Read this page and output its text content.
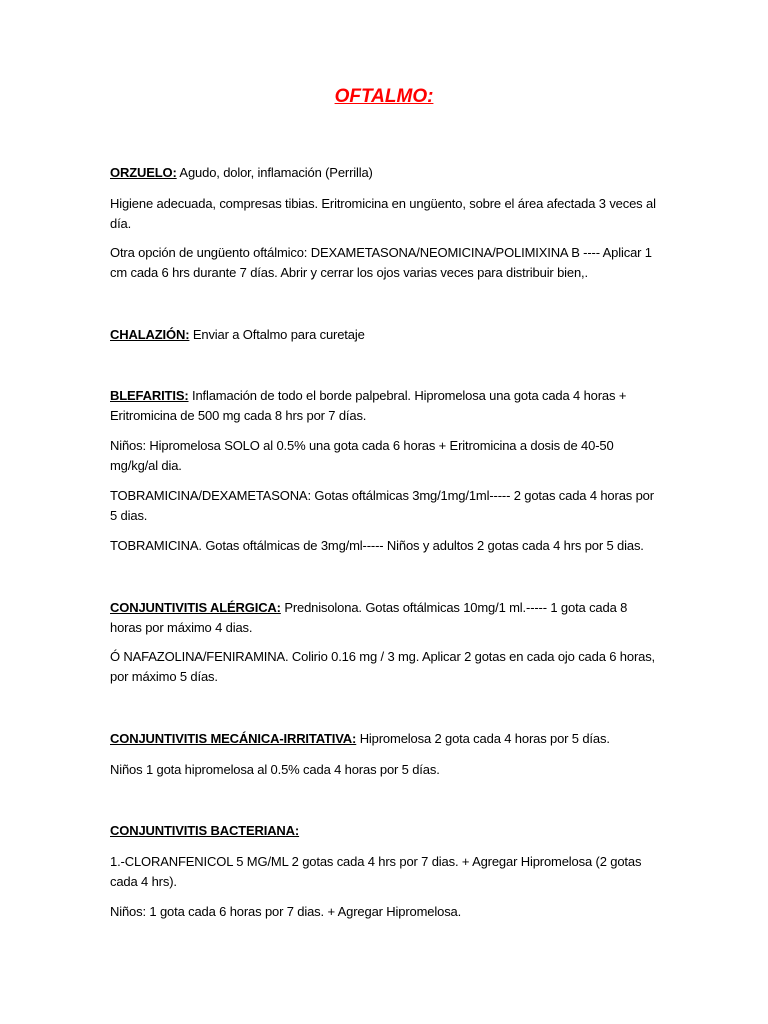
OFTALMO:
ORZUELO: Agudo, dolor, inflamación (Perrilla)
Higiene adecuada, compresas tibias. Eritromicina en ungüento, sobre el área afectada 3 veces al día.
Otra opción de ungüento oftálmico: DEXAMETASONA/NEOMICINA/POLIMIXINA B ---- Aplicar 1 cm cada 6 hrs durante 7 días. Abrir y cerrar los ojos varias veces para distribuir bien,.
CHALAZIÓN: Enviar a Oftalmo para curetaje
BLEFARITIS: Inflamación de todo el borde palpebral. Hipromelosa una gota cada 4 horas + Eritromicina de 500 mg cada 8 hrs por 7 días.
Niños: Hipromelosa SOLO al 0.5% una gota cada 6 horas + Eritromicina a dosis de 40-50 mg/kg/al dia.
TOBRAMICINA/DEXAMETASONA: Gotas oftálmicas 3mg/1mg/1ml----- 2 gotas cada 4 horas por 5 dias.
TOBRAMICINA. Gotas oftálmicas de 3mg/ml----- Niños y adultos 2 gotas cada 4 hrs por 5 dias.
CONJUNTIVITIS ALÉRGICA: Prednisolona. Gotas oftálmicas 10mg/1 ml.----- 1 gota cada 8 horas por máximo 4 dias.
Ó NAFAZOLINA/FENIRAMINA. Colirio 0.16 mg / 3 mg. Aplicar 2 gotas en cada ojo cada 6 horas, por máximo 5 días.
CONJUNTIVITIS MECÁNICA-IRRITATIVA: Hipromelosa 2 gota cada 4 horas por 5 días.
Niños 1 gota hipromelosa al 0.5% cada 4 horas por 5 días.
CONJUNTIVITIS BACTERIANA:
1.-CLORANFENICOL 5 MG/ML 2 gotas cada 4 hrs por 7 dias. + Agregar Hipromelosa (2 gotas cada 4 hrs).
Niños: 1 gota cada 6 horas por 7 dias. + Agregar Hipromelosa.
